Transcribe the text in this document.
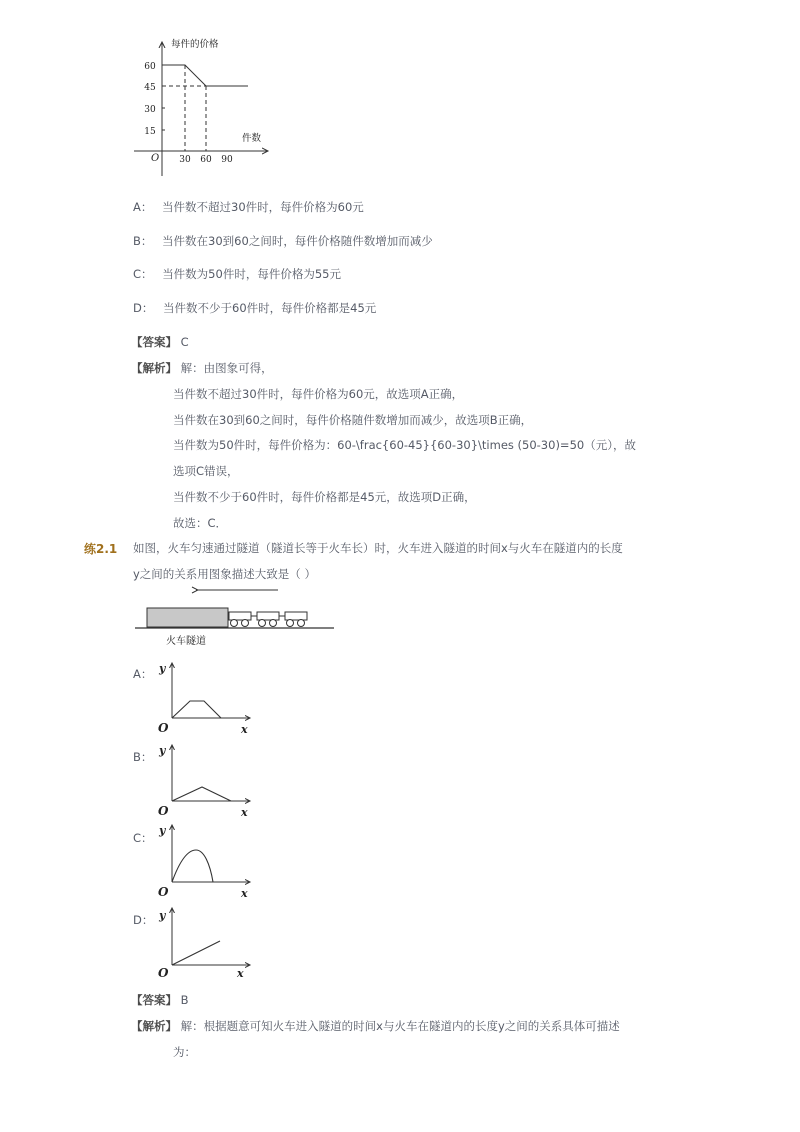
每件的价格
件数
O
60
45
30
15
30 60 90
A： 当件数不超过30件时，每件价格为60元
B： 当件数在30到60之间时，每件价格随件数增加而减少
C： 当件数为50件时，每件价格为55元
D： 当件数不少于60件时，每件价格都是45元
【答案】 C
【解析】 解：由图象可得，
当件数不超过30件时，每件价格为60元，故选项A正确，
当件数在30到60之间时，每件价格随件数增加而减少，故选项B正确，
当件数为50件时，每件价格为：60-\frac{60-45}{60-30}\times (50-30)=50（元），故
选项C错误，
当件数不少于60件时，每件价格都是45元，故选项D正确，
故选：C．
练2.1 如图，火车匀速通过隧道（隧道长等于火车长）时，火车进入隧道的时间x与火车在隧道内的长度
y之间的关系用图象描述大致是（ ）
火车隧道
A： y
x
O
B： y
x
O
C：
y
x
O
D： y
x
O
【答案】 B
【解析】 解：根据题意可知火车进入隧道的时间x与火车在隧道内的长度y之间的关系具体可描述
为：
